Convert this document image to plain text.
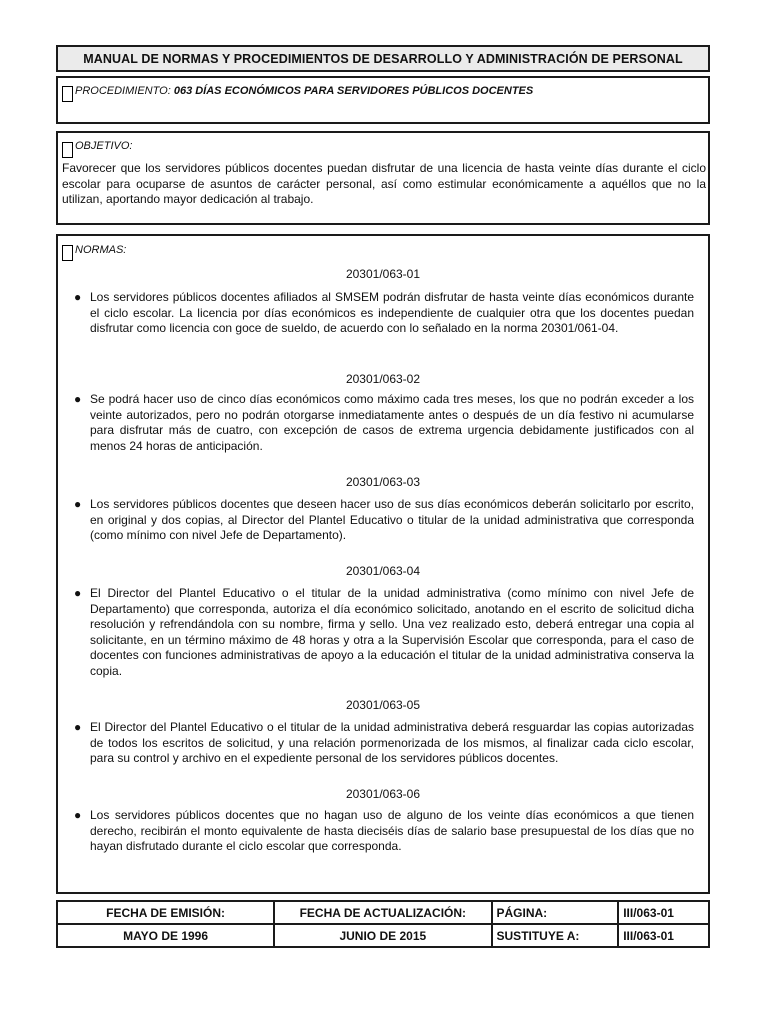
MANUAL DE NORMAS Y PROCEDIMIENTOS DE DESARROLLO Y ADMINISTRACIÓN DE PERSONAL
PROCEDIMIENTO: 063 DÍAS ECONÓMICOS PARA SERVIDORES PÚBLICOS DOCENTES
OBJETIVO:
Favorecer que los servidores públicos docentes puedan disfrutar de una licencia de hasta veinte días durante el ciclo escolar para ocuparse de asuntos de carácter personal, así como estimular económicamente a aquéllos que no la utilizan, aportando mayor dedicación al trabajo.
NORMAS:
20301/063-01
● Los servidores públicos docentes afiliados al SMSEM podrán disfrutar de hasta veinte días económicos durante el ciclo escolar. La licencia por días económicos es independiente de cualquier otra que los docentes puedan disfrutar como licencia con goce de sueldo, de acuerdo con lo señalado en la norma 20301/061-04.
20301/063-02
● Se podrá hacer uso de cinco días económicos como máximo cada tres meses, los que no podrán exceder a los veinte autorizados, pero no podrán otorgarse inmediatamente antes o después de un día festivo ni acumularse para disfrutar más de cuatro, con excepción de casos de extrema urgencia debidamente justificados con al menos 24 horas de anticipación.
20301/063-03
● Los servidores públicos docentes que deseen hacer uso de sus días económicos deberán solicitarlo por escrito, en original y dos copias, al Director del Plantel Educativo o titular de la unidad administrativa que corresponda (como mínimo con nivel Jefe de Departamento).
20301/063-04
● El Director del Plantel Educativo o el titular de la unidad administrativa (como mínimo con nivel Jefe de Departamento) que corresponda, autoriza el día económico solicitado, anotando en el escrito de solicitud dicha resolución y refrendándola con su nombre, firma y sello. Una vez realizado esto, deberá entregar una copia al solicitante, en un término máximo de 48 horas y otra a la Supervisión Escolar que corresponda, para el caso de docentes con funciones administrativas de apoyo a la educación el titular de la unidad administrativa conserva la copia.
20301/063-05
● El Director del Plantel Educativo o el titular de la unidad administrativa deberá resguardar las copias autorizadas de todos los escritos de solicitud, y una relación pormenorizada de los mismos, al finalizar cada ciclo escolar, para su control y archivo en el expediente personal de los servidores públicos docentes.
20301/063-06
● Los servidores públicos docentes que no hagan uso de alguno de los veinte días económicos a que tienen derecho, recibirán el monto equivalente de hasta dieciséis días de salario base presupuestal de los días que no hayan disfrutado durante el ciclo escolar que corresponda.
FECHA DE EMISIÓN:	FECHA DE ACTUALIZACIÓN:	PÁGINA:	III/063-01
MAYO DE 1996	JUNIO DE 2015	SUSTITUYE A:	III/063-01
